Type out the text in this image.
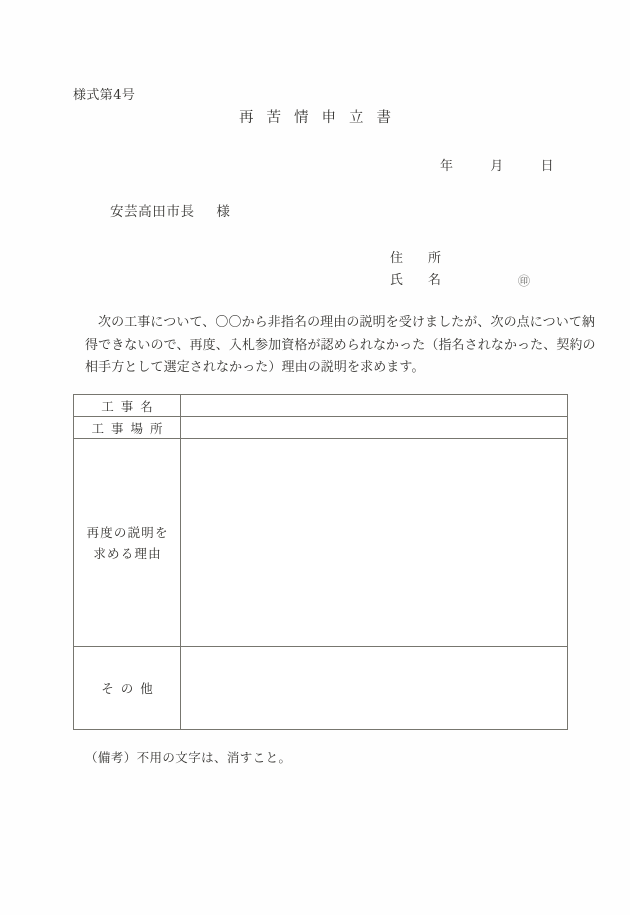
様式第4号
再苦情申立書
年	月	日
安芸高田市長 様
住　所
氏　名	㊞

次の工事について、〇〇から非指名の理由の説明を受けましたが、次の点について納

得できないので、再度、入札参加資格が認められなかった（指名されなかった、契約の

相手方として選定されなかった）理由の説明を求めます。

工事名	

工事場所	

再度の説明を
求める理由	

その他	

（備考）不用の文字は、消すこと。
